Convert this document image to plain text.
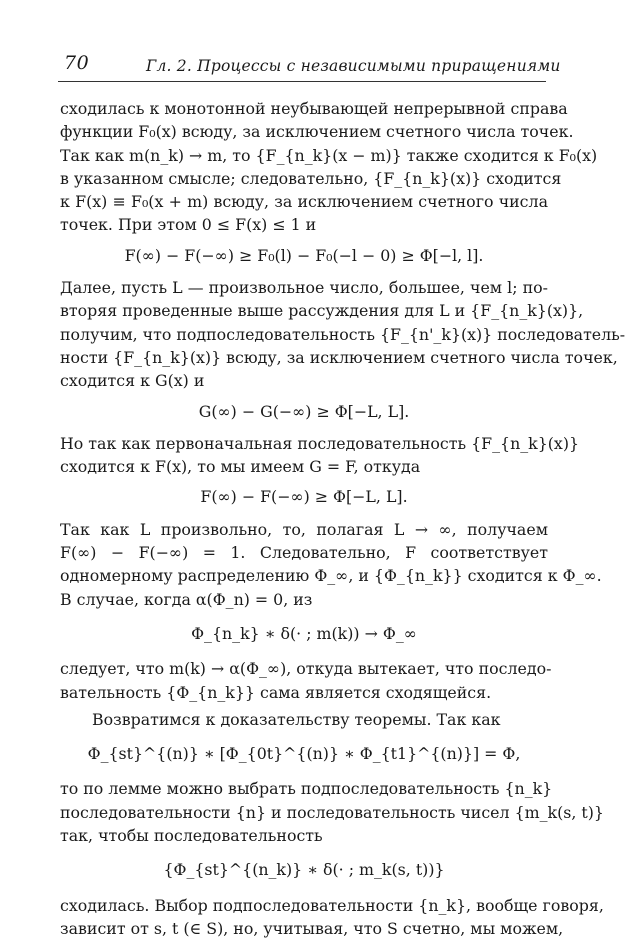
70	Гл. 2. Процессы с независимыми приращениями
сходилась к монотонной неубывающей непрерывной справа
функции F₀(x) всюду, за исключением счетного числа точек.
Так как m(n_k) → m, то {F_{n_k}(x − m)} также сходится к F₀(x)
в указанном смысле; следовательно, {F_{n_k}(x)} сходится
к F(x) ≡ F₀(x + m) всюду, за исключением счетного числа
точек. При этом 0 ≤ F(x) ≤ 1 и
F(∞) − F(−∞) ≥ F₀(l) − F₀(−l − 0) ≥ Φ[−l, l].
Далее, пусть L — произвольное число, большее, чем l; по-
вторяя проведенные выше рассуждения для L и {F_{n_k}(x)},
получим, что подпоследовательность {F_{n'_k}(x)} последователь-
ности {F_{n_k}(x)} всюду, за исключением счетного числа точек,
сходится к G(x) и
G(∞) − G(−∞) ≥ Φ[−L, L].
Но так как первоначальная последовательность {F_{n_k}(x)}
сходится к F(x), то мы имеем G = F, откуда
F(∞) − F(−∞) ≥ Φ[−L, L].
Так как L произвольно, то, полагая L → ∞, получаем
F(∞) − F(−∞) = 1. Следовательно, F соответствует
одномерному распределению Φ_∞, и {Φ_{n_k}} сходится к Φ_∞.
В случае, когда α(Φ_n) = 0, из
Φ_{n_k} ∗ δ(· ; m(k)) → Φ_∞
следует, что m(k) → α(Φ_∞), откуда вытекает, что последо-
вательность {Φ_{n_k}} сама является сходящейся.
Возвратимся к доказательству теоремы. Так как
Φ_{st}^{(n)} ∗ [Φ_{0t}^{(n)} ∗ Φ_{t1}^{(n)}] = Φ,
то по лемме можно выбрать подпоследовательность {n_k}
последовательности {n} и последовательность чисел {m_k(s, t)}
так, чтобы последовательность
{Φ_{st}^{(n_k)} ∗ δ(· ; m_k(s, t))}
сходилась. Выбор подпоследовательности {n_k}, вообще говоря,
зависит от s, t (∈ S), но, учитывая, что S счетно, мы можем,
